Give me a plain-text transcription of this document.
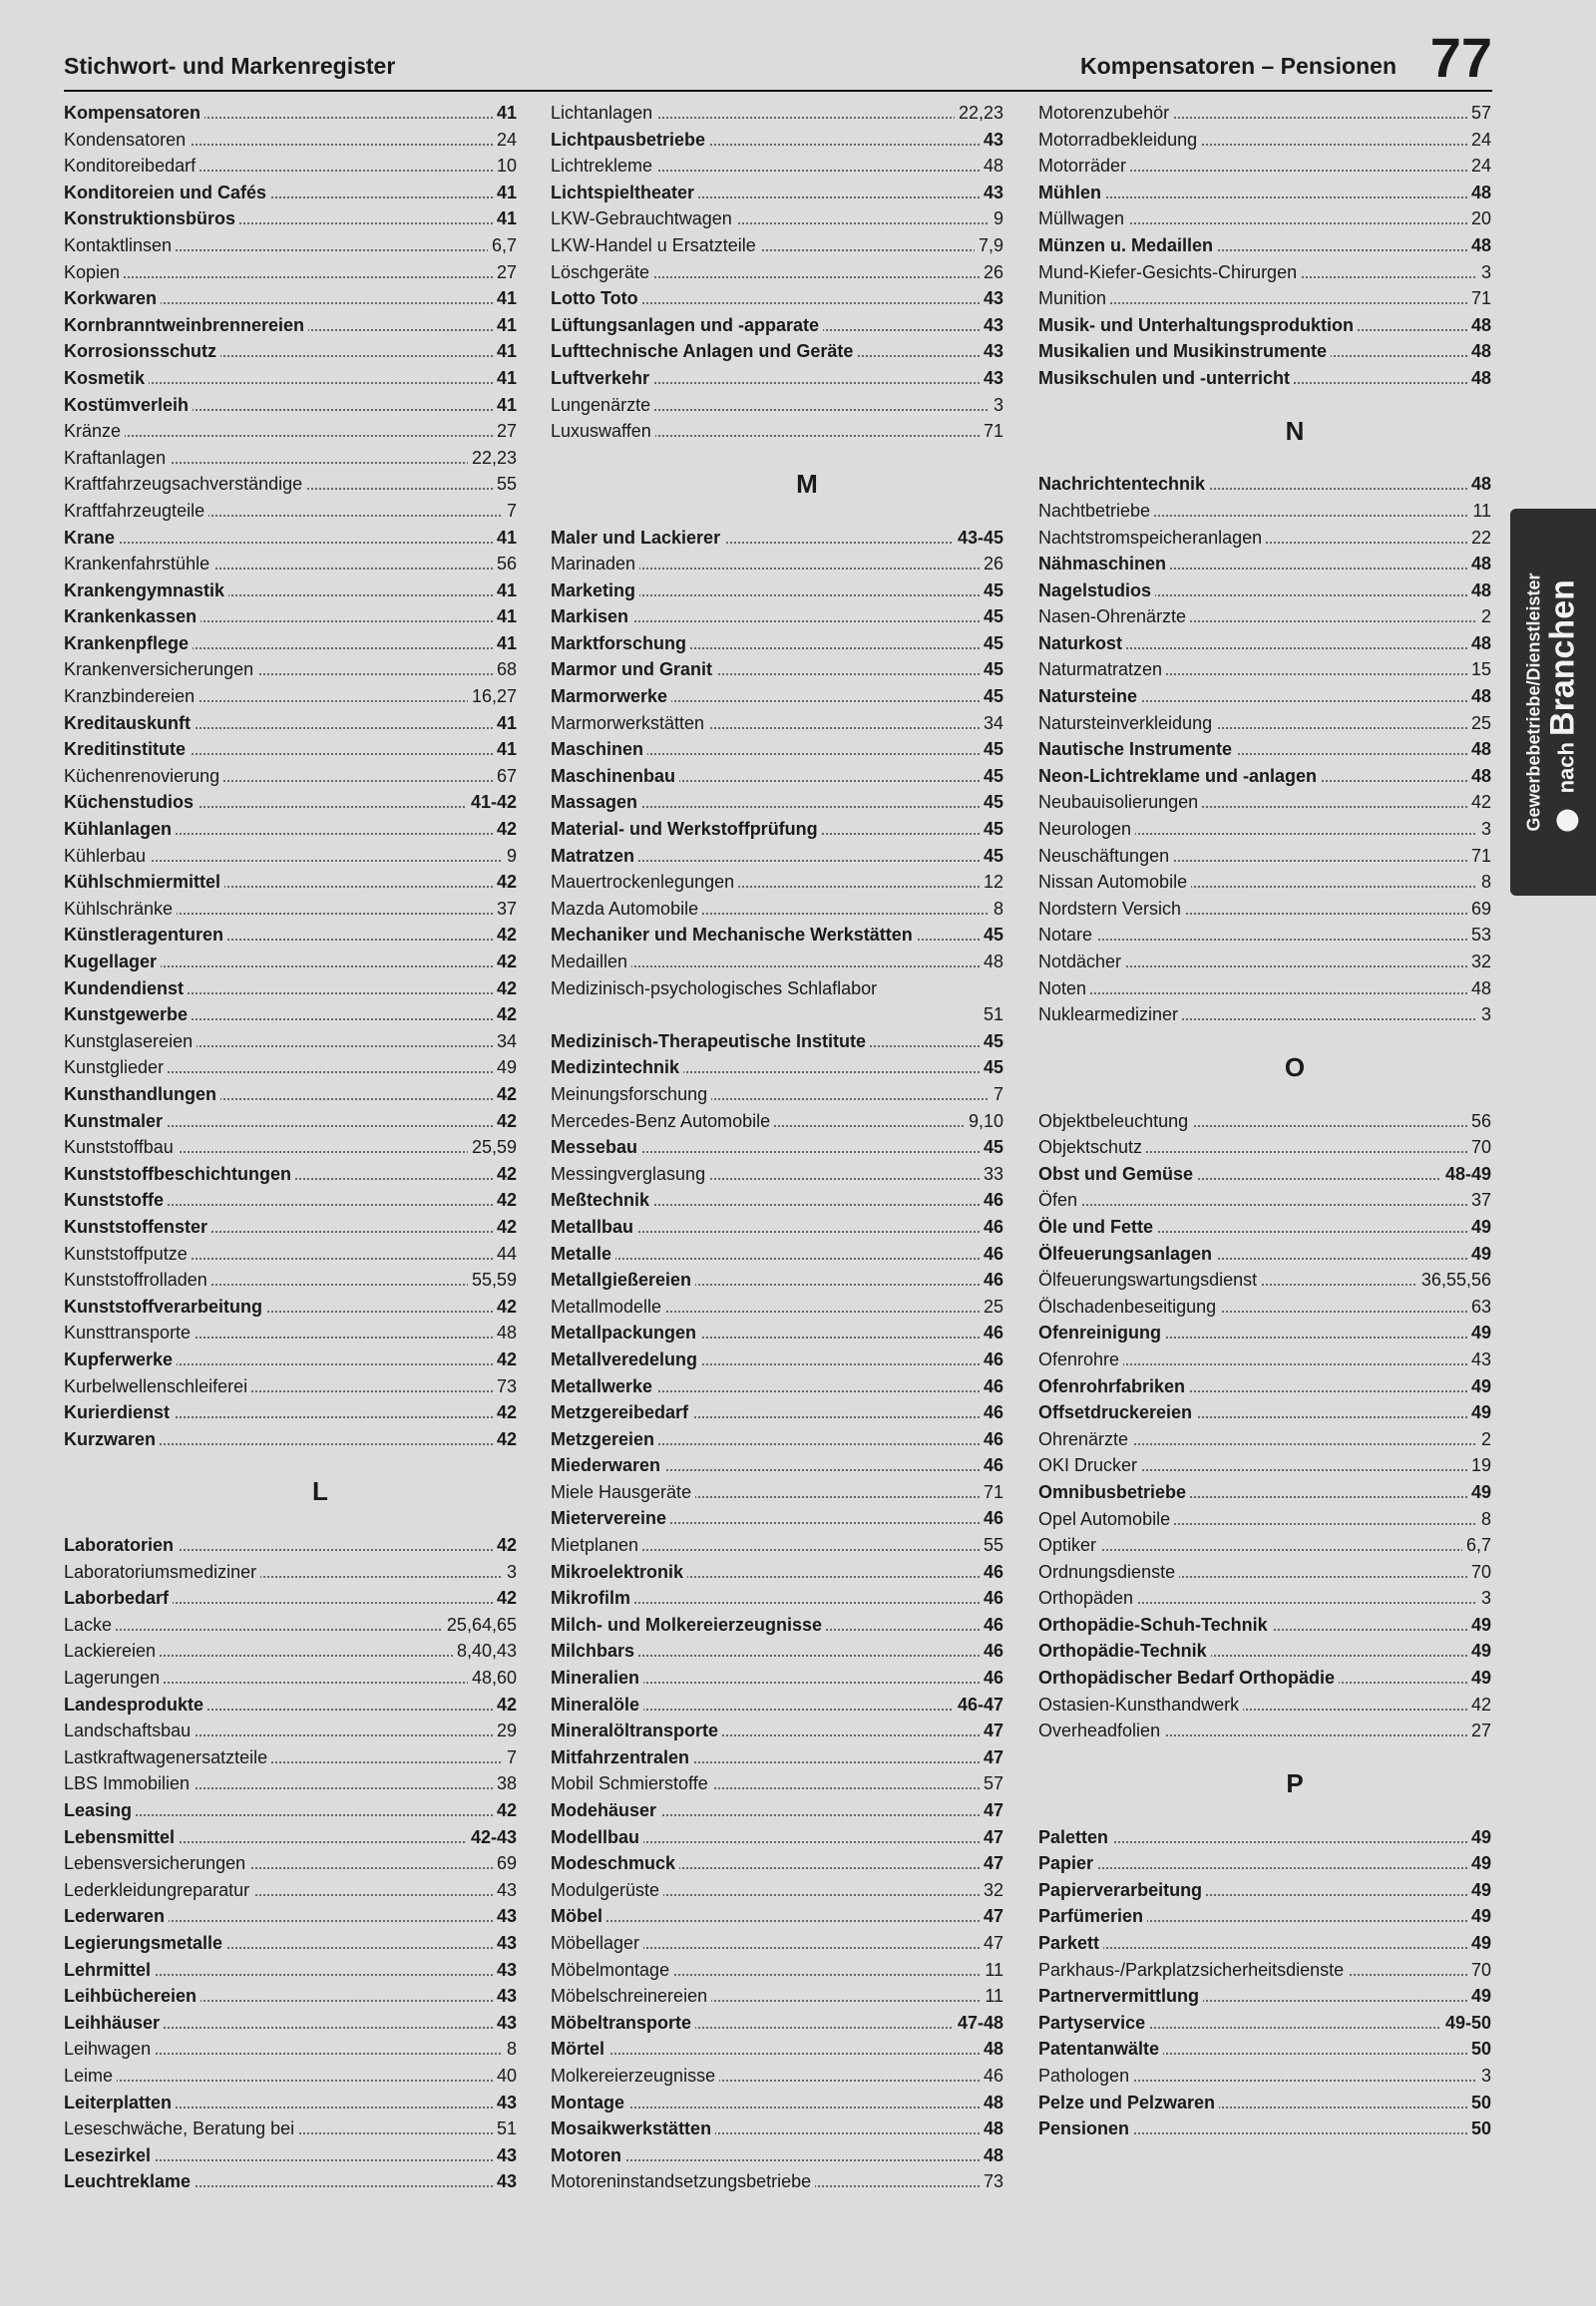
Stichwort- und Markenregister	Kompensatoren – Pensionen 77
Kompensatoren	41
Kondensatoren	24
Konditoreibedarf	10
Konditoreien und Cafés	41
Konstruktionsbüros	41
Kontaktlinsen	6,7
Kopien	27
Korkwaren	41
Kornbranntweinbrennereien	41
Korrosionsschutz	41
Kosmetik	41
Kostümverleih	41
Kränze	27
Kraftanlagen	22,23
Kraftfahrzeugsachverständige	55
Kraftfahrzeugteile	7
Krane	41
Krankenfahrstühle	56
Krankengymnastik	41
Krankenkassen	41
Krankenpflege	41
Krankenversicherungen	68
Kranzbindereien	16,27
Kreditauskunft	41
Kreditinstitute	41
Küchenrenovierung	67
Küchenstudios	41-42
Kühlanlagen	42
Kühlerbau	9
Kühlschmiermittel	42
Kühlschränke	37
Künstleragenturen	42
Kugellager	42
Kundendienst	42
Kunstgewerbe	42
Kunstglasereien	34
Kunstglieder	49
Kunsthandlungen	42
Kunstmaler	42
Kunststoffbau	25,59
Kunststoffbeschichtungen	42
Kunststoffe	42
Kunststoffenster	42
Kunststoffputze	44
Kunststoffrolladen	55,59
Kunststoffverarbeitung	42
Kunsttransporte	48
Kupferwerke	42
Kurbelwellenschleiferei	73
Kurierdienst	42
Kurzwaren	42
L
Laboratorien	42
Laboratoriumsmediziner	3
Laborbedarf	42
Lacke	25,64,65
Lackiereien	8,40,43
Lagerungen	48,60
Landesprodukte	42
Landschaftsbau	29
Lastkraftwagenersatzteile	7
LBS Immobilien	38
Leasing	42
Lebensmittel	42-43
Lebensversicherungen	69
Lederkleidungreparatur	43
Lederwaren	43
Legierungsmetalle	43
Lehrmittel	43
Leihbüchereien	43
Leihhäuser	43
Leihwagen	8
Leime	40
Leiterplatten	43
Leseschwäche, Beratung bei	51
Lesezirkel	43
Leuchtreklame	43
Lichtanlagen	22,23
Lichtpausbetriebe	43
Lichtrekleme	48
Lichtspieltheater	43
LKW-Gebrauchtwagen	9
LKW-Handel u Ersatzteile	7,9
Löschgeräte	26
Lotto Toto	43
Lüftungsanlagen und -apparate	43
Lufttechnische Anlagen und Geräte	43
Luftverkehr	43
Lungenärzte	3
Luxuswaffen	71
M
Maler und Lackierer	43-45
Marinaden	26
Marketing	45
Markisen	45
Marktforschung	45
Marmor und Granit	45
Marmorwerke	45
Marmorwerkstätten	34
Maschinen	45
Maschinenbau	45
Massagen	45
Material- und Werkstoffprüfung	45
Matratzen	45
Mauertrockenlegungen	12
Mazda Automobile	8
Mechaniker und Mechanische Werkstätten	45
Medaillen	48
Medizinisch-psychologisches Schlaflabor
51
Medizinisch-Therapeutische Institute	45
Medizintechnik	45
Meinungsforschung	7
Mercedes-Benz Automobile	9,10
Messebau	45
Messingverglasung	33
Meßtechnik	46
Metallbau	46
Metalle	46
Metallgießereien	46
Metallmodelle	25
Metallpackungen	46
Metallveredelung	46
Metallwerke	46
Metzgereibedarf	46
Metzgereien	46
Miederwaren	46
Miele Hausgeräte	71
Mietervereine	46
Mietplanen	55
Mikroelektronik	46
Mikrofilm	46
Milch- und Molkereierzeugnisse	46
Milchbars	46
Mineralien	46
Mineralöle	46-47
Mineralöltransporte	47
Mitfahrzentralen	47
Mobil Schmierstoffe	57
Modehäuser	47
Modellbau	47
Modeschmuck	47
Modulgerüste	32
Möbel	47
Möbellager	47
Möbelmontage	11
Möbelschreinereien	11
Möbeltransporte	47-48
Mörtel	48
Molkereierzeugnisse	46
Montage	48
Mosaikwerkstätten	48
Motoren	48
Motoreninstandsetzungsbetriebe	73
Motorenzubehör	57
Motorradbekleidung	24
Motorräder	24
Mühlen	48
Müllwagen	20
Münzen u. Medaillen	48
Mund-Kiefer-Gesichts-Chirurgen	3
Munition	71
Musik- und Unterhaltungsproduktion	48
Musikalien und Musikinstrumente	48
Musikschulen und -unterricht	48
N
Nachrichtentechnik	48
Nachtbetriebe	11
Nachtstromspeicheranlagen	22
Nähmaschinen	48
Nagelstudios	48
Nasen-Ohrenärzte	2
Naturkost	48
Naturmatratzen	15
Natursteine	48
Natursteinverkleidung	25
Nautische Instrumente	48
Neon-Lichtreklame und -anlagen	48
Neubauisolierungen	42
Neurologen	3
Neuschäftungen	71
Nissan Automobile	8
Nordstern Versich	69
Notare	53
Notdächer	32
Noten	48
Nuklearmediziner	3
O
Objektbeleuchtung	56
Objektschutz	70
Obst und Gemüse	48-49
Öfen	37
Öle und Fette	49
Ölfeuerungsanlagen	49
Ölfeuerungswartungsdienst	36,55,56
Ölschadenbeseitigung	63
Ofenreinigung	49
Ofenrohre	43
Ofenrohrfabriken	49
Offsetdruckereien	49
Ohrenärzte	2
OKI Drucker	19
Omnibusbetriebe	49
Opel Automobile	8
Optiker	6,7
Ordnungsdienste	70
Orthopäden	3
Orthopädie-Schuh-Technik	49
Orthopädie-Technik	49
Orthopädischer Bedarf Orthopädie	49
Ostasien-Kunsthandwerk	42
Overheadfolien	27
P
Paletten	49
Papier	49
Papierverarbeitung	49
Parfümerien	49
Parkett	49
Parkhaus-/Parkplatzsicherheitsdienste	70
Partnervermittlung	49
Partyservice	49-50
Patentanwälte	50
Pathologen	3
Pelze und Pelzwaren	50
Pensionen	50
Gewerbebetriebe/Dienstleister nach Branchen
